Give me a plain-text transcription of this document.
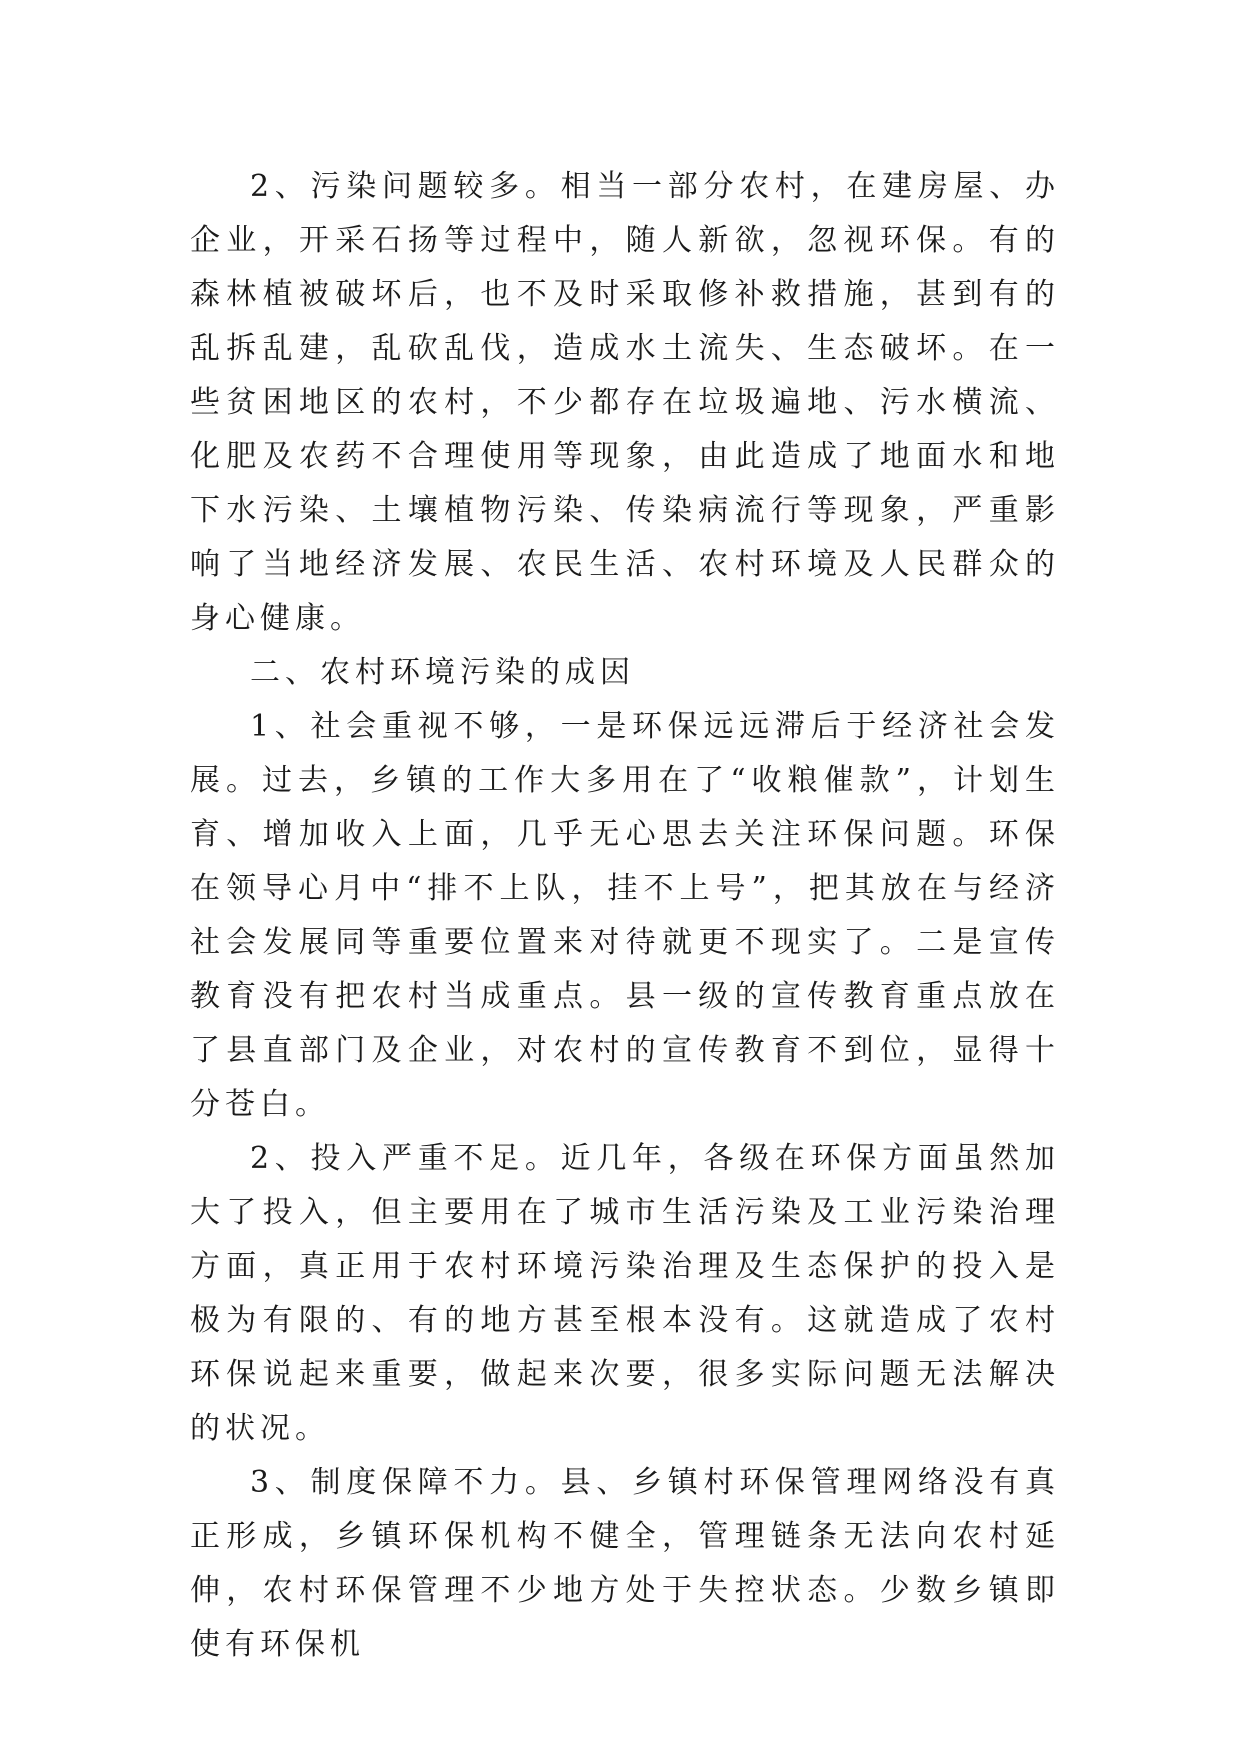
2、污染问题较多。相当一部分农村，在建房屋、办企业，开采石扬等过程中，随人新欲，忽视环保。有的森林植被破坏后，也不及时采取修补救措施，甚到有的乱拆乱建，乱砍乱伐，造成水土流失、生态破坏。在一些贫困地区的农村，不少都存在垃圾遍地、污水横流、化肥及农药不合理使用等现象，由此造成了地面水和地下水污染、土壤植物污染、传染病流行等现象，严重影响了当地经济发展、农民生活、农村环境及人民群众的身心健康。

二、农村环境污染的成因

1、社会重视不够，一是环保远远滞后于经济社会发展。过去，乡镇的工作大多用在了“收粮催款”，计划生育、增加收入上面，几乎无心思去关注环保问题。环保在领导心月中“排不上队，挂不上号”，把其放在与经济社会发展同等重要位置来对待就更不现实了。二是宣传教育没有把农村当成重点。县一级的宣传教育重点放在了县直部门及企业，对农村的宣传教育不到位，显得十分苍白。

2、投入严重不足。近几年，各级在环保方面虽然加大了投入，但主要用在了城市生活污染及工业污染治理方面，真正用于农村环境污染治理及生态保护的投入是极为有限的、有的地方甚至根本没有。这就造成了农村环保说起来重要，做起来次要，很多实际问题无法解决的状况。

3、制度保障不力。县、乡镇村环保管理网络没有真正形成，乡镇环保机构不健全，管理链条无法向农村延伸，农村环保管理不少地方处于失控状态。少数乡镇即使有环保机
